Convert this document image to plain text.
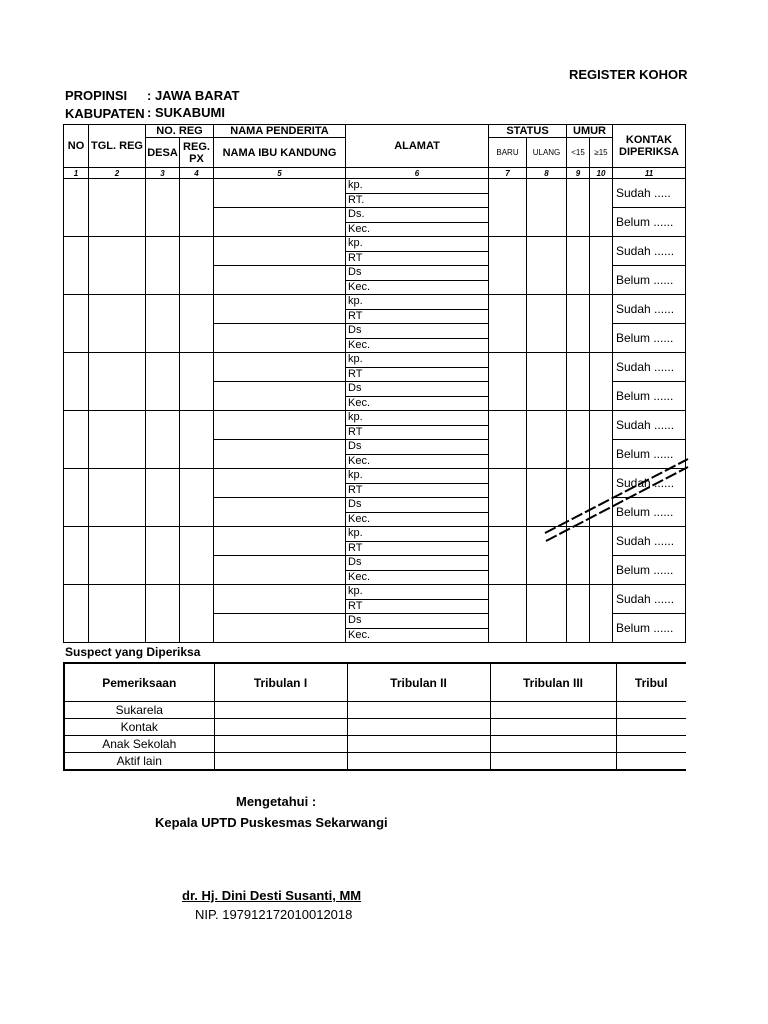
REGISTER KOHOR
PROPINSI : JAWA BARAT
KABUPATEN : SUKABUMI
NO	TGL. REG	NO. REG		NAMA PENDERITA	ALAMAT	STATUS		UMUR		KONTAK DIPERIKSA
		DESA	REG. PX	NAMA IBU KANDUNG		BARU	ULANG	<15	≥15	
1	2	3	4	5	6	7	8	9	10	11
					kp.					Sudah .....
					RT.					
					Ds.					Belum ......
					Kec.					
					kp.					Sudah ......
					RT					
					Ds					Belum ......
					Kec.					
					kp.					Sudah ......
					RT					
					Ds					Belum ......
					Kec.					
					kp.					Sudah ......
					RT					
					Ds					Belum ......
					Kec.					
					kp.					Sudah ......
					RT					
					Ds					Belum ......
					Kec.					
					kp.					Sudah ......
					RT					
					Ds					Belum ......
					Kec.					
					kp.					Sudah ......
					RT					
					Ds					Belum ......
					Kec.					
					kp.					Sudah ......
					RT					
					Ds					Belum ......
					Kec.					
Suspect yang Diperiksa
Pemeriksaan	Tribulan I	Tribulan II	Tribulan III	Tribul
Sukarela				
Kontak				
Anak Sekolah				
Aktif lain				
Mengetahui :
Kepala UPTD Puskesmas Sekarwangi
dr. Hj. Dini Desti Susanti, MM
NIP. 197912172010012018
